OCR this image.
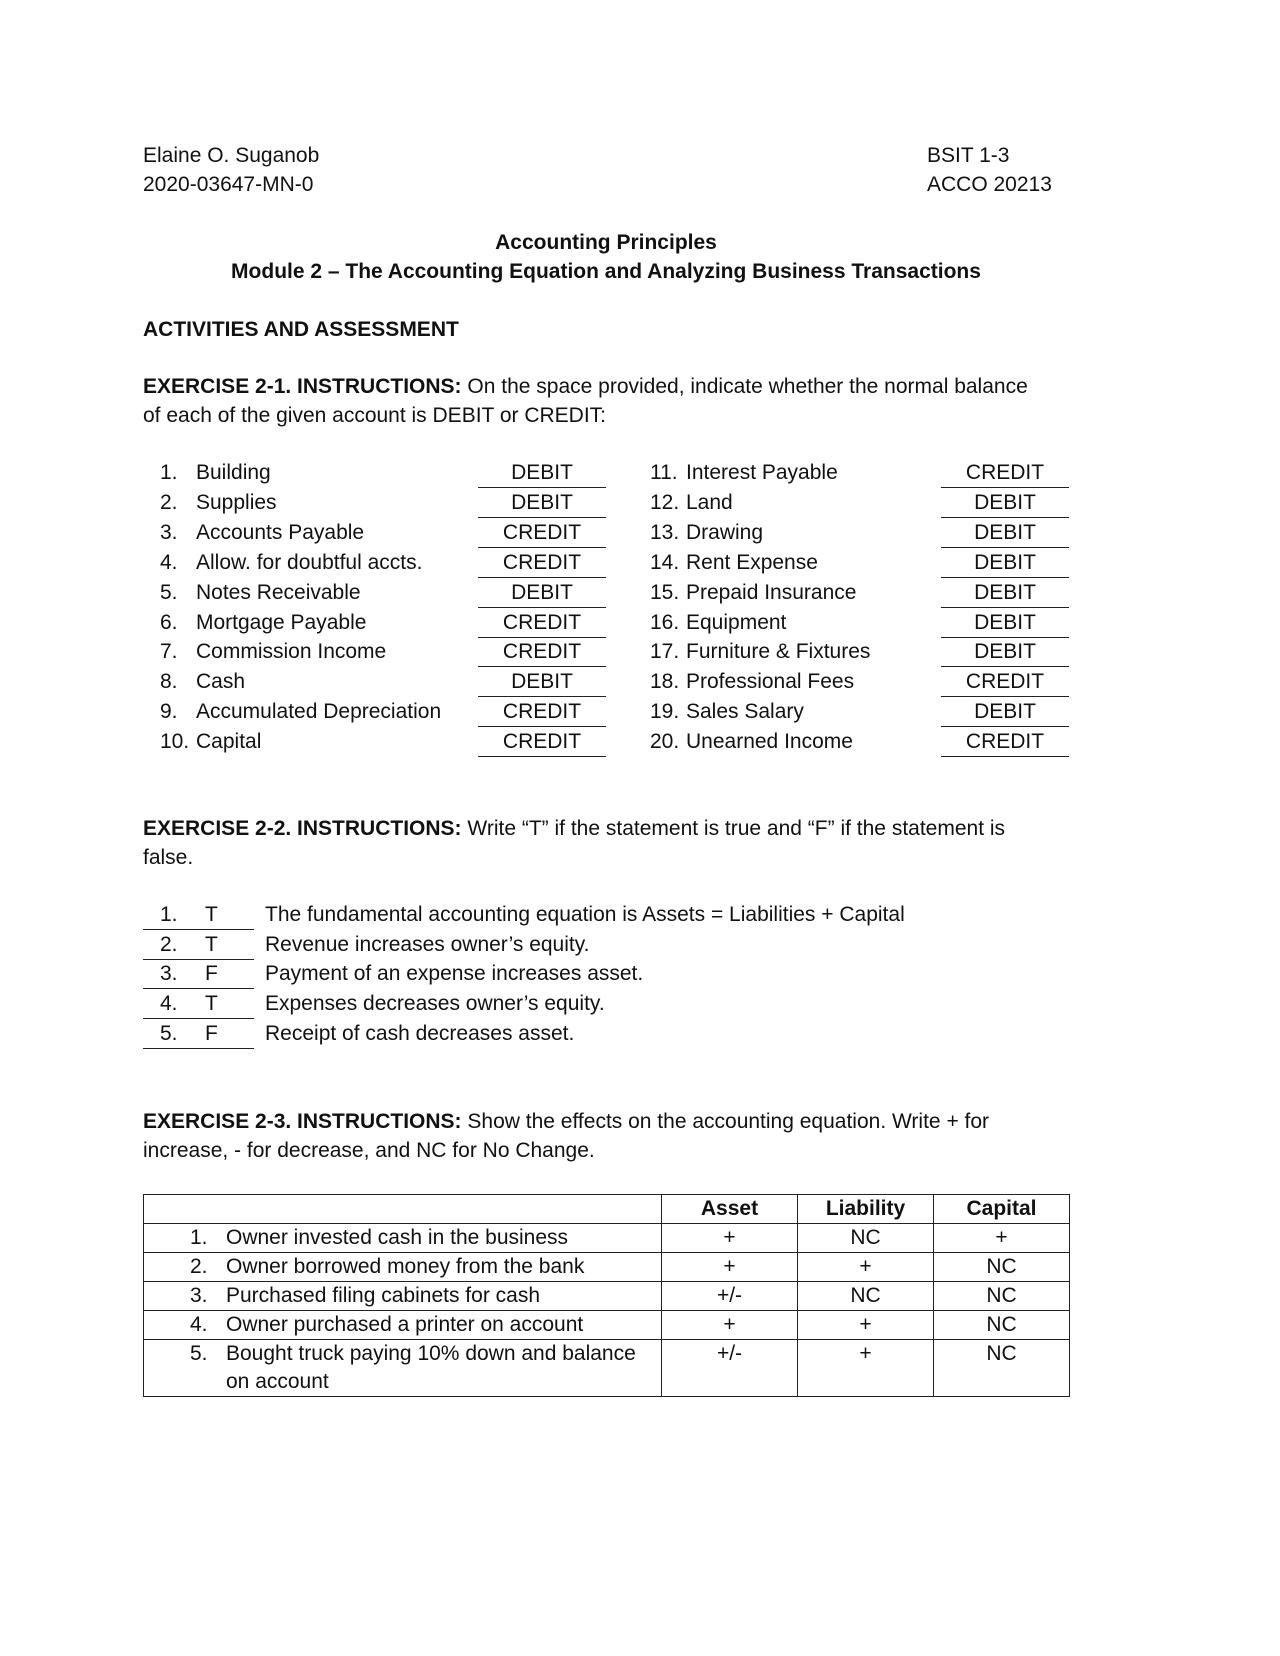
Elaine O. Suganob
2020-03647-MN-0
BSIT 1-3
ACCO 20213
Accounting Principles
Module 2 – The Accounting Equation and Analyzing Business Transactions
ACTIVITIES AND ASSESSMENT
EXERCISE 2-1. INSTRUCTIONS: On the space provided, indicate whether the normal balance
of each of the given account is DEBIT or CREDIT:
1. Building	DEBIT
2. Supplies	DEBIT
3. Accounts Payable	CREDIT
4. Allow. for doubtful accts.	CREDIT
5. Notes Receivable	DEBIT
6. Mortgage Payable	CREDIT
7. Commission Income	CREDIT
8. Cash	DEBIT
9. Accumulated Depreciation	CREDIT
10. Capital	CREDIT
11. Interest Payable	CREDIT
12. Land	DEBIT
13. Drawing	DEBIT
14. Rent Expense	DEBIT
15. Prepaid Insurance	DEBIT
16. Equipment	DEBIT
17. Furniture & Fixtures	DEBIT
18. Professional Fees	CREDIT
19. Sales Salary	DEBIT
20. Unearned Income	CREDIT
EXERCISE 2-2. INSTRUCTIONS: Write “T” if the statement is true and “F” if the statement is
false.
1. T The fundamental accounting equation is Assets = Liabilities + Capital
2. T Revenue increases owner’s equity.
3. F Payment of an expense increases asset.
4. T Expenses decreases owner’s equity.
5. F Receipt of cash decreases asset.
EXERCISE 2-3. INSTRUCTIONS: Show the effects on the accounting equation. Write + for
increase, - for decrease, and NC for No Change.
	Asset	Liability	Capital

1. Owner invested cash in the business	+	NC	+

2. Owner borrowed money from the bank	+	+	NC

3. Purchased filing cabinets for cash	+/-	NC	NC

4. Owner purchased a printer on account	+	+	NC

5. Bought truck paying 10% down and balance on account	+/-	+	NC
